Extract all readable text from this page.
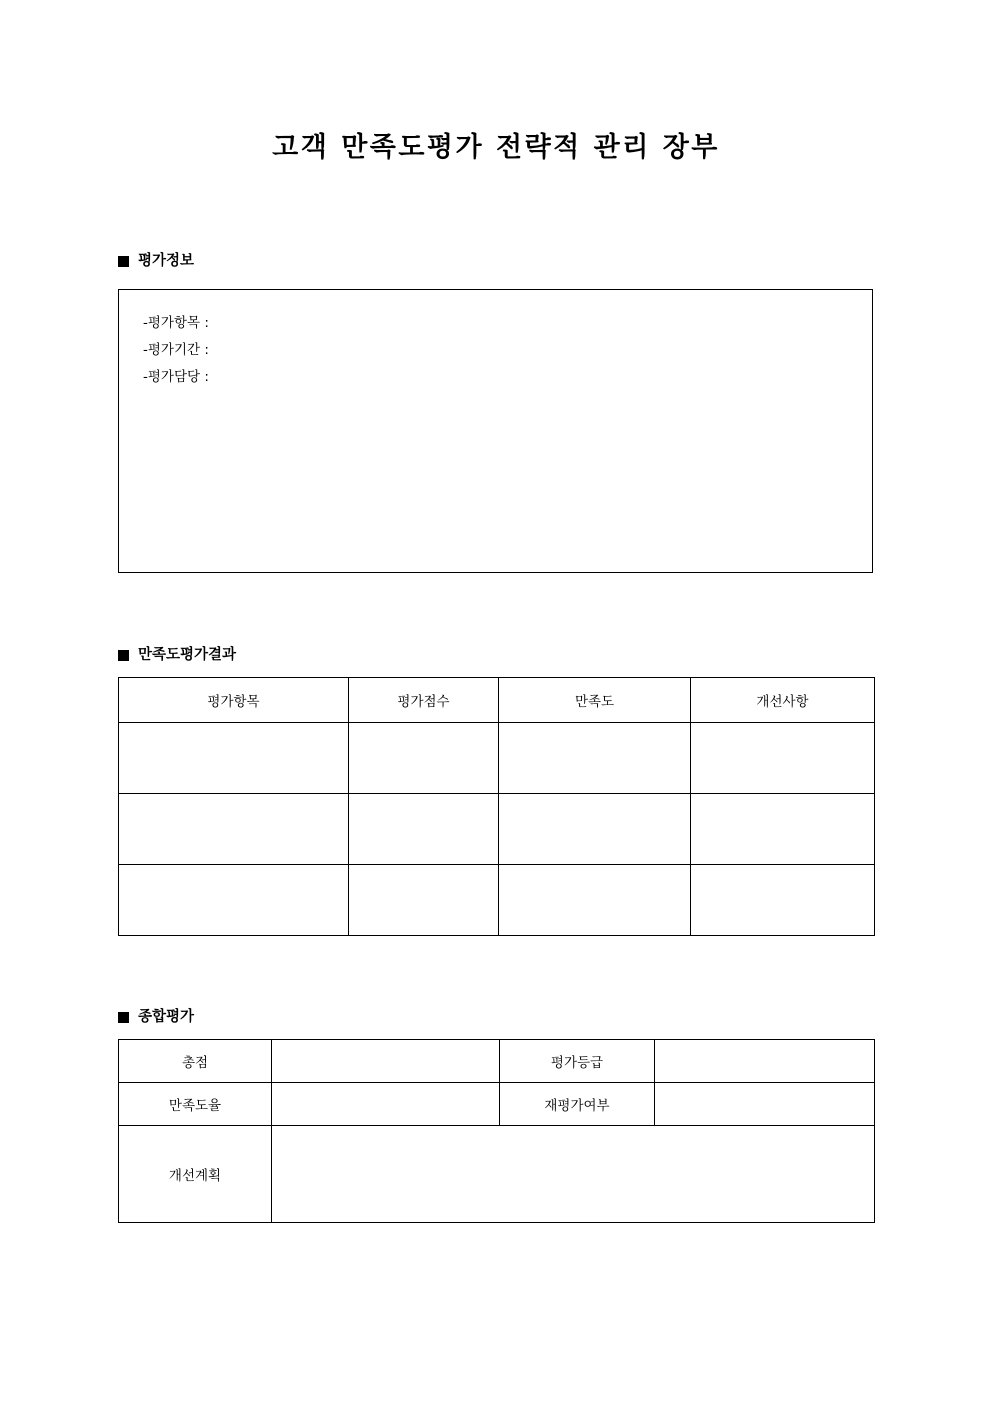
고객 만족도평가 전략적 관리 장부
평가정보
-평가항목 :
-평가기간 :
-평가담당 :
만족도평가결과
평가항목	평가점수	만족도	개선사항

종합평가
총점		평가등급	
만족도율		재평가여부	
개선계획			
